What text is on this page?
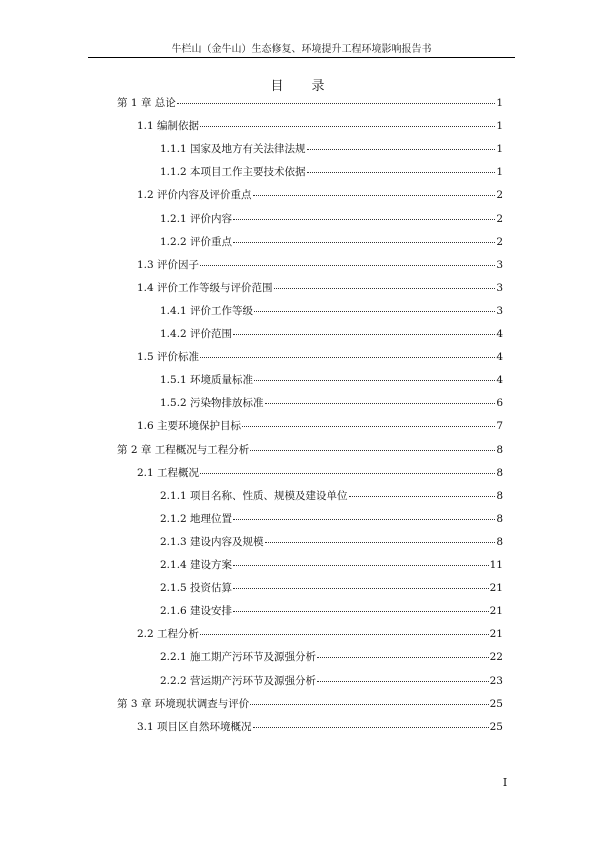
牛栏山（金牛山）生态修复、环境提升工程环境影响报告书
目录
第 1 章 总论	1
1.1 编制依据	1
1.1.1 国家及地方有关法律法规	1
1.1.2 本项目工作主要技术依据	1
1.2 评价内容及评价重点	2
1.2.1 评价内容	2
1.2.2 评价重点	2
1.3 评价因子	3
1.4 评价工作等级与评价范围	3
1.4.1 评价工作等级	3
1.4.2 评价范围	4
1.5 评价标准	4
1.5.1 环境质量标准	4
1.5.2 污染物排放标准	6
1.6 主要环境保护目标	7
第 2 章 工程概况与工程分析	8
2.1 工程概况	8
2.1.1 项目名称、性质、规模及建设单位	8
2.1.2 地理位置	8
2.1.3 建设内容及规模	8
2.1.4 建设方案	11
2.1.5 投资估算	21
2.1.6 建设安排	21
2.2 工程分析	21
2.2.1 施工期产污环节及源强分析	22
2.2.2 营运期产污环节及源强分析	23
第 3 章 环境现状调查与评价	25
3.1 项目区自然环境概况	25
I
